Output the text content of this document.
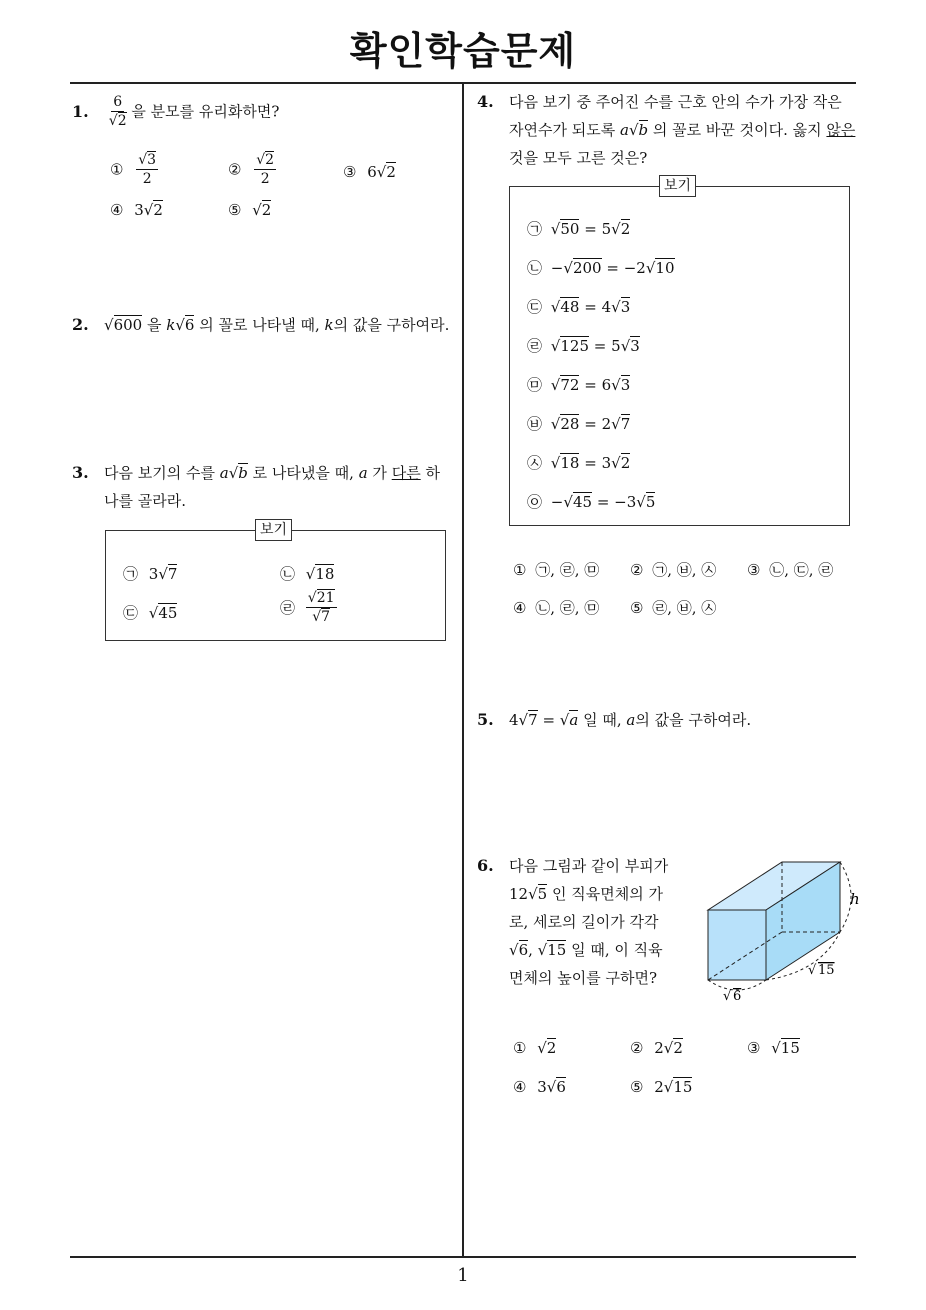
확인학습문제
1
1. $\frac{6}{√2}$ 을 분모를 유리화하면?
① $\frac{√3}{2}$	② $\frac{√2}{2}$	③ 6√2
④ 3√2	⑤ √2
2. √600 을 k√6 의 꼴로 나타낼 때, k의 값을 구하여라.
3. 다음 보기의 수를 a√b 로 나타냈을 때, a 가 다른 하
나를 골라라.
보기
㉠ 3√7	㉡ √18
㉢ √45	㉣ $\frac{√21}{√7}$
4. 다음 보기 중 주어진 수를 근호 안의 수가 가장 작은
자연수가 되도록 a√b 의 꼴로 바꾼 것이다. 옳지 않은
것을 모두 고른 것은?
보기
㉠ √50 = 5√2
㉡ −√200 = −2√10
㉢ √48 = 4√3
㉣ √125 = 5√3
㉤ √72 = 6√3
㉥ √28 = 2√7
㉦ √18 = 3√2
㉧ −√45 = −3√5
① ㉠, ㉣, ㉤ ② ㉠, ㉥, ㉦ ③ ㉡, ㉢, ㉣
④ ㉡, ㉣, ㉤ ⑤ ㉣, ㉥, ㉦
5. 4√7 = √a 일 때, a의 값을 구하여라.
6. 다음 그림과 같이 부피가
12√5 인 직육면체의 가
로, 세로의 길이가 각각
√6, √15 일 때, 이 직육
면체의 높이를 구하면?
h
√ 6
√ 15
① √2	② 2√2	③ √15
④ 3√6	⑤ 2√15
